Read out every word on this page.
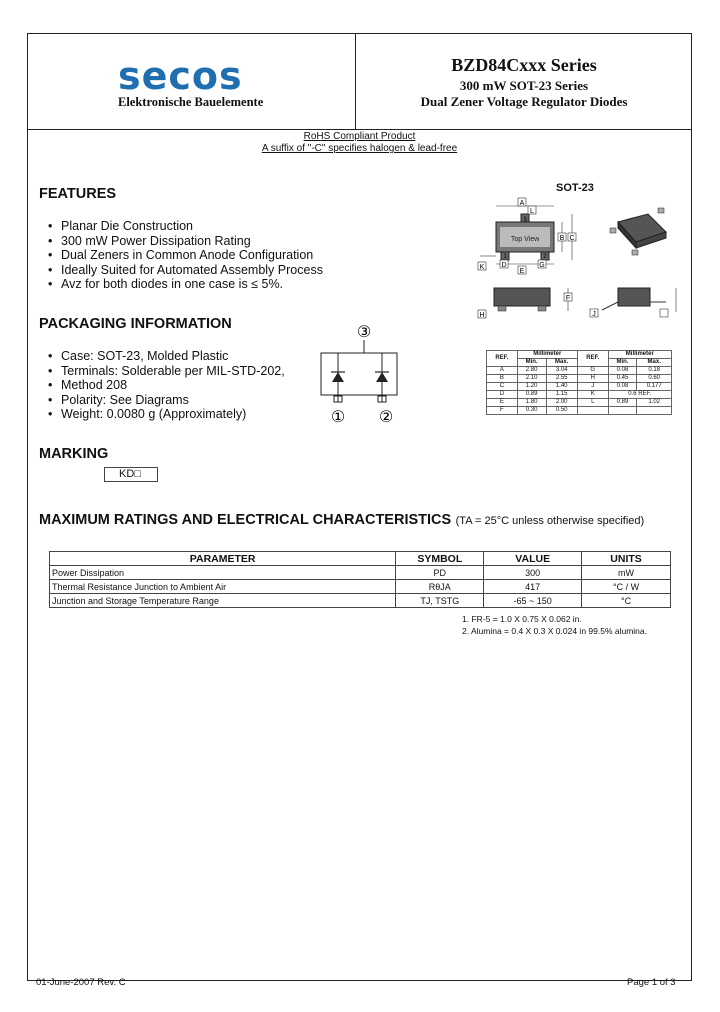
secos
Elektronische Bauelemente
BZD84Cxxx Series
300 mW SOT-23 Series
Dual Zener Voltage Regulator Diodes
RoHS Compliant Product
A suffix of "-C" specifies halogen & lead-free
FEATURES
• Planar Die Construction
• 300 mW Power Dissipation Rating
• Dual Zeners in Common Anode Configuration
• Ideally Suited for Automated Assembly Process
• Avz for both diodes in one case is ≤ 5%.
SOT-23
Top View
A
L
3
1	2
B C
K D
E
G
F
H	J
PACKAGING INFORMATION
• Case: SOT-23, Molded Plastic
• Terminals: Solderable per MIL-STD-202,
• Method 208
• Polarity: See Diagrams
• Weight: 0.0080 g (Approximately)
③
① ②
REF.	Millimeter		REF.	Millimeter	
	Min.	Max.		Min.	Max.
A	2.80	3.04	G	0.08	0.18
B	2.10	2.55	H	0.45	0.60
C	1.20	1.40	J	0.08	0.177
D	0.89	1.15	K	0.6 REF.	
E	1.80	2.00	L	0.89	1.02
F	0.30	0.50			
MARKING
KD□
MAXIMUM RATINGS AND ELECTRICAL CHARACTERISTICS (TA = 25°C unless otherwise specified)
PARAMETER	SYMBOL	VALUE	UNITS
Power Dissipation	PD	300	mW
Thermal Resistance Junction to Ambient Air	RθJA	417	°C / W
Junction and Storage Temperature Range	TJ, TSTG	-65 ~ 150	°C
1. FR-5 = 1.0 X 0.75 X 0.062 in.
2. Alumina = 0.4 X 0.3 X 0.024 in 99.5% alumina.
01-June-2007 Rev. C	Page 1 of 3
